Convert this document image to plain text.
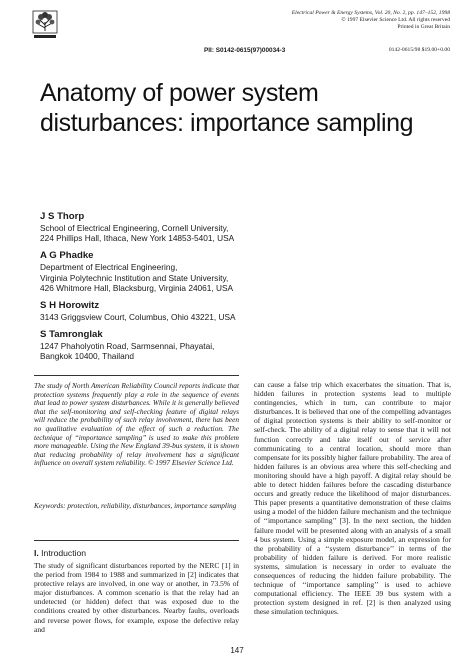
Electrical Power & Energy Systems, Vol. 20, No. 2, pp. 147–152, 1998
© 1997 Elsevier Science Ltd. All rights reserved
Printed in Great Britain
PII: S0142-0615(97)00034-3	0142-0615/98 $19.00+0.00
Anatomy of power system disturbances: importance sampling
J S Thorp
School of Electrical Engineering, Cornell University,
224 Phillips Hall, Ithaca, New York 14853-5401, USA
A G Phadke
Department of Electrical Engineering,
Virginia Polytechnic Institution and State University,
426 Whitmore Hall, Blacksburg, Virginia 24061, USA
S H Horowitz
3143 Griggsview Court, Columbus, Ohio 43221, USA
S Tamronglak
1247 Phaholyotin Road, Sarmsennai, Phayatai,
Bangkok 10400, Thailand

The study of North American Reliability Council reports indicate that protection systems frequently play a role in the sequence of events that lead to power system disturbances. While it is generally believed that the self-monitoring and self-checking feature of digital relays will reduce the probability of such relay involvement, there has been no qualitative evaluation of the effect of such a reduction. The technique of ‘‘importance sampling’’ is used to make this problem more manageable. Using the New England 39-bus system, it is shown that reducing probability of relay involvement has a significant influence on overall system reliability. © 1997 Elsevier Science Ltd.

Keywords: protection, reliability, disturbances, importance sampling

I. Introduction

The study of significant disturbances reported by the NERC [1] in the period from 1984 to 1988 and summarized in [2] indicates that protective relays are involved, in one way or another, in 73.5% of major disturbances. A common scenario is that the relay had an undetected (or hidden) defect that was exposed due to the conditions created by other disturbances. Nearby faults, overloads and reverse power flows, for example, expose the defective relay and

can cause a false trip which exacerbates the situation. That is, hidden failures in protection systems lead to multiple contingencies, which in turn, can contribute to major disturbances. It is believed that one of the compelling advantages of digital protection systems is their ability to self-monitor or self-check. The ability of a digital relay to sense that it will not function correctly and take itself out of service after communicating to a central location, should more than compensate for its possibly higher failure probability. The area of hidden failures is an obvious area where this self-checking and monitoring should have a high payoff. A digital relay should be able to detect hidden failures before the cascading disturbance occurs and greatly reduce the likelihood of major disturbances. This paper presents a quantitative demonstration of these claims using a model of the hidden failure mechanism and the technique of ‘‘importance sampling’’ [3]. In the next section, the hidden failure model will be presented along with an analysis of a small 4 bus system. Using a simple exposure model, an expression for the probability of a ‘‘system disturbance’’ in terms of the probability of hidden failure is derived. For more realistic systems, simulation is necessary in order to evaluate the consequences of reducing the hidden failure probability. The technique of ‘‘importance sampling’’ is used to achieve computational efficiency. The IEEE 39 bus system with a protection system designed in ref. [2] is then analyzed using these simulation techniques.

147
